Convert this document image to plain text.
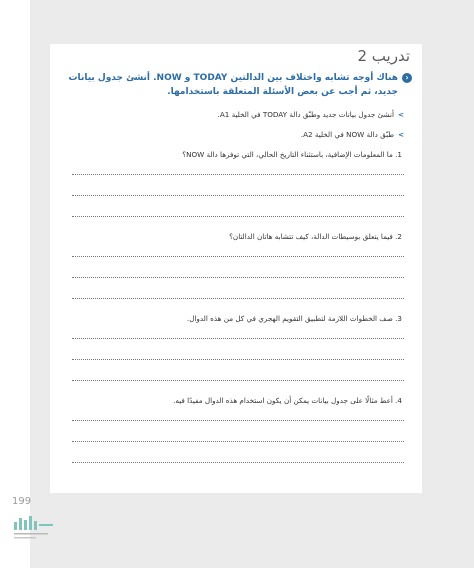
تدريب 2
‹
هناك أوجه تشابه واختلاف بين الدالتين TODAY و NOW. أنشئ جدول بيانات جديد، ثم أجب عن بعض الأسئلة المتعلقة باستخدامها.
>أنشئ جدول بيانات جديد وطبّق دالة TODAY في الخلية A1.
>طبّق دالة NOW في الخلية A2.
1. ما المعلومات الإضافية، باستثناء التاريخ الحالي، التي توفرها دالة NOW؟
2. فيما يتعلق بوسيطات الدالة، كيف تتشابه هاتان الدالتان؟
3. صف الخطوات اللازمة لتطبيق التقويم الهجري في كل من هذه الدوال.
4. أعط مثالًا على جدول بيانات يمكن أن يكون استخدام هذه الدوال مفيدًا فيه.
199
